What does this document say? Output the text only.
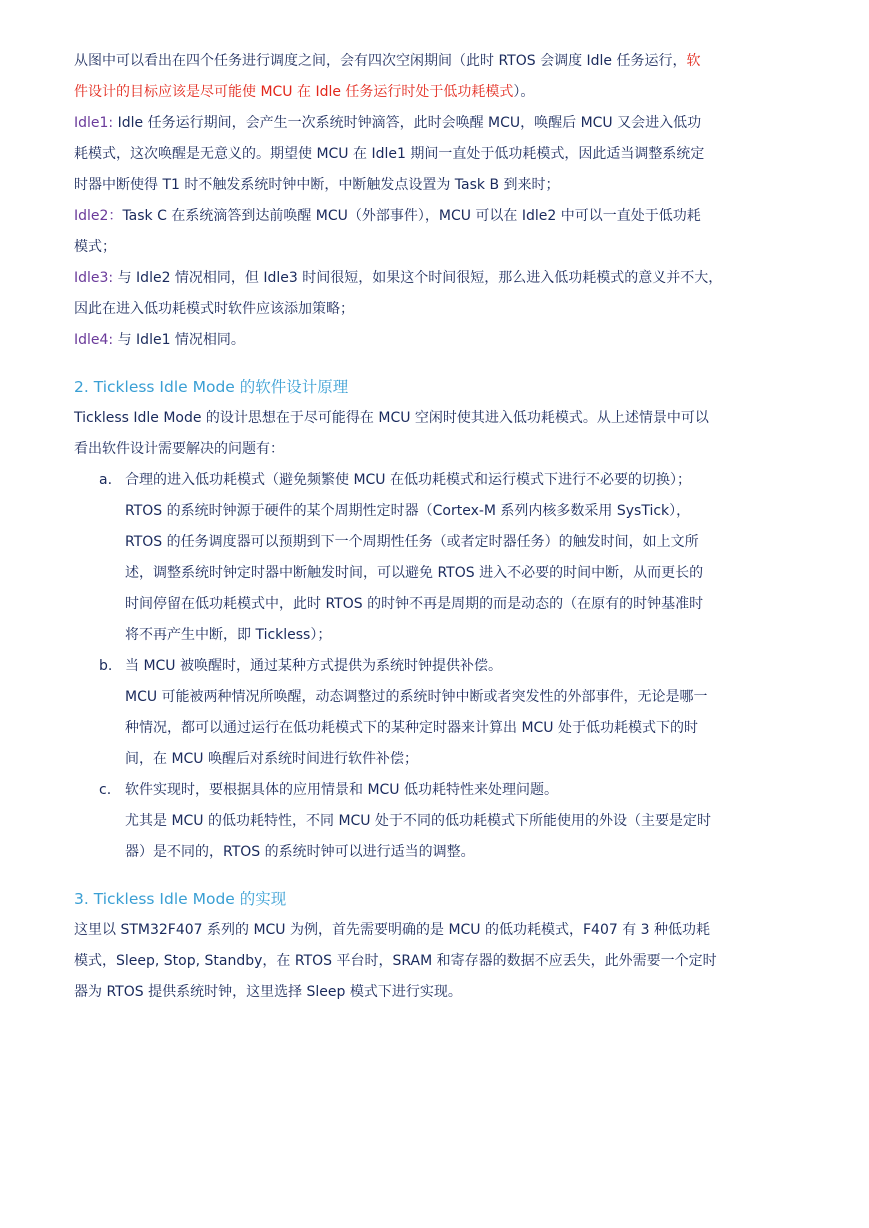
从图中可以看出在四个任务进行调度之间，会有四次空闲期间（此时 RTOS 会调度 Idle 任务运行，软
件设计的目标应该是尽可能使 MCU 在 Idle 任务运行时处于低功耗模式）。
Idle1: Idle 任务运行期间，会产生一次系统时钟滴答，此时会唤醒 MCU，唤醒后 MCU 又会进入低功
耗模式，这次唤醒是无意义的。期望使 MCU 在 Idle1 期间一直处于低功耗模式，因此适当调整系统定
时器中断使得 T1 时不触发系统时钟中断，中断触发点设置为 Task B 到来时；
Idle2：Task C 在系统滴答到达前唤醒 MCU（外部事件），MCU 可以在 Idle2 中可以一直处于低功耗
模式；
Idle3: 与 Idle2 情况相同，但 Idle3 时间很短，如果这个时间很短，那么进入低功耗模式的意义并不大，
因此在进入低功耗模式时软件应该添加策略；
Idle4: 与 Idle1 情况相同。
2. Tickless Idle Mode 的软件设计原理
Tickless Idle Mode 的设计思想在于尽可能得在 MCU 空闲时使其进入低功耗模式。从上述情景中可以
看出软件设计需要解决的问题有：
a. 合理的进入低功耗模式（避免频繁使 MCU 在低功耗模式和运行模式下进行不必要的切换）；
RTOS 的系统时钟源于硬件的某个周期性定时器（Cortex-M 系列内核多数采用 SysTick），
RTOS 的任务调度器可以预期到下一个周期性任务（或者定时器任务）的触发时间，如上文所
述，调整系统时钟定时器中断触发时间，可以避免 RTOS 进入不必要的时间中断，从而更长的
时间停留在低功耗模式中，此时 RTOS 的时钟不再是周期的而是动态的（在原有的时钟基准时
将不再产生中断，即 Tickless）；
b. 当 MCU 被唤醒时，通过某种方式提供为系统时钟提供补偿。
MCU 可能被两种情况所唤醒，动态调整过的系统时钟中断或者突发性的外部事件，无论是哪一
种情况，都可以通过运行在低功耗模式下的某种定时器来计算出 MCU 处于低功耗模式下的时
间，在 MCU 唤醒后对系统时间进行软件补偿；
c. 软件实现时，要根据具体的应用情景和 MCU 低功耗特性来处理问题。
尤其是 MCU 的低功耗特性，不同 MCU 处于不同的低功耗模式下所能使用的外设（主要是定时
器）是不同的，RTOS 的系统时钟可以进行适当的调整。
3. Tickless Idle Mode 的实现
这里以 STM32F407 系列的 MCU 为例，首先需要明确的是 MCU 的低功耗模式，F407 有 3 种低功耗
模式，Sleep, Stop, Standby，在 RTOS 平台时，SRAM 和寄存器的数据不应丢失，此外需要一个定时
器为 RTOS 提供系统时钟，这里选择 Sleep 模式下进行实现。
